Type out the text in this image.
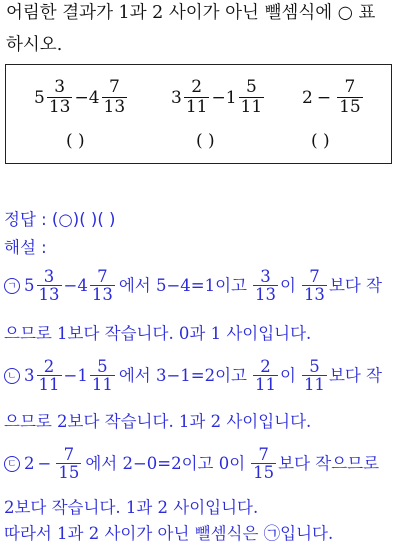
어림한 결과가 1과 2 사이가 아닌 뺄셈식에 ○ 표
하시오.
$5 \frac{3}{13} - 4 \frac{7}{13}$
( )
$3 \frac{2}{11} - 1 \frac{5}{11}$
( )
$2 - \frac{7}{15}$
( )
정답 : (○)( )( )
해설 :
ㄱ $5 \frac{3}{13} - 4 \frac{7}{13}$ 에서 5−4=1이고 $\frac{3}{13}$ 이 $\frac{7}{13}$ 보다 작
으므로 1보다 작습니다. 0과 1 사이입니다.
ㄴ $3 \frac{2}{11} - 1 \frac{5}{11}$ 에서 3−1=2이고 $\frac{2}{11}$ 이 $\frac{5}{11}$ 보다 작
으므로 2보다 작습니다. 1과 2 사이입니다.
ㄷ $2 - \frac{7}{15}$ 에서 2−0=2이고 0이 $\frac{7}{15}$ 보다 작으므로
2보다 작습니다. 1과 2 사이입니다.
따라서 1과 2 사이가 아닌 뺄셈식은 ㉠입니다.
